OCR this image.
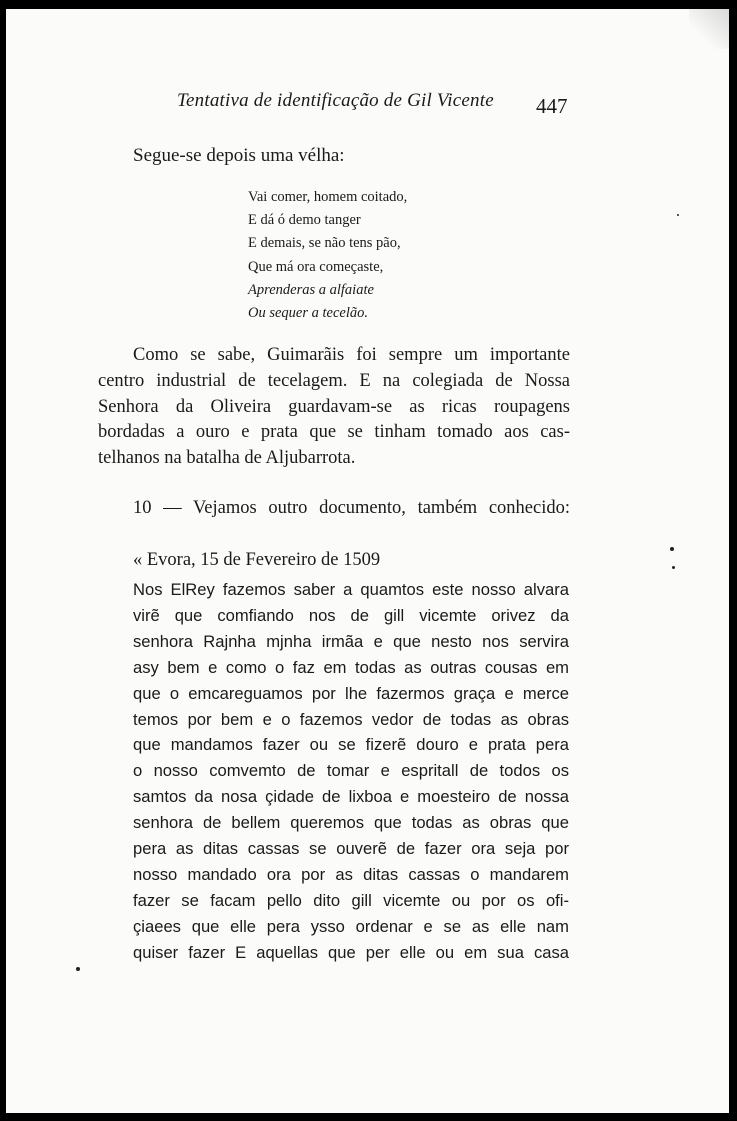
Tentativa de identificação de Gil Vicente 447
Segue-se depois uma vélha:
Vai comer, homem coitado,
E dá ó demo tanger
E demais, se não tens pão,
Que má ora começaste,
Aprenderas a alfaiate
Ou sequer a tecelão.
Como se sabe, Guimarãis foi sempre um importante
centro industrial de tecelagem. E na colegiada de Nossa
Senhora da Oliveira guardavam-se as ricas roupagens
bordadas a ouro e prata que se tinham tomado aos cas-
telhanos na batalha de Aljubarrota.
10 — Vejamos outro documento, também conhecido:
« Evora, 15 de Fevereiro de 1509
Nos ElRey fazemos saber a quamtos este nosso alvara
virẽ que comfiando nos de gill vicemte orivez da
senhora Rajnha mjnha irmãa e que nesto nos servira
asy bem e como o faz em todas as outras cousas em
que o emcareguamos por lhe fazermos graça e merce
temos por bem e o fazemos vedor de todas as obras
que mandamos fazer ou se fizerẽ douro e prata pera
o nosso comvemto de tomar e espritall de todos os
samtos da nosa çidade de lixboa e moesteiro de nossa
senhora de bellem queremos que todas as obras que
pera as ditas cassas se ouverẽ de fazer ora seja por
nosso mandado ora por as ditas cassas o mandarem
fazer se facam pello dito gill vicemte ou por os ofi-
çiaees que elle pera ysso ordenar e se as elle nam
quiser fazer E aquellas que per elle ou em sua casa
